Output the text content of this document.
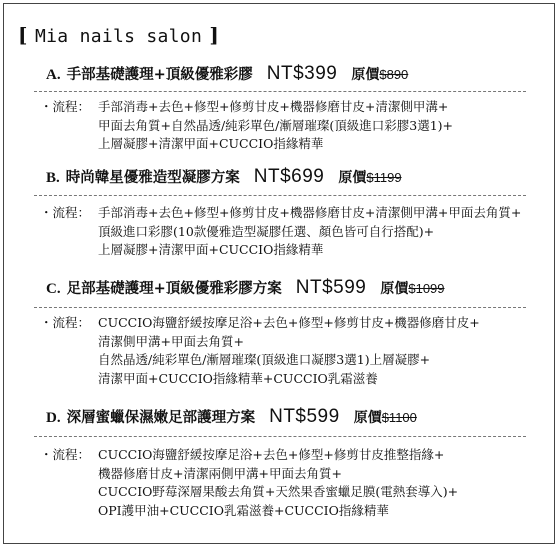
[ Mia nails salon ]
A. 手部基礎護理+頂級優雅彩膠 NT$399 原價 $890
・流程： 手部消毒+去色+修型+修剪甘皮+機器修磨甘皮+清潔側甲溝+
甲面去角質+自然晶透/純彩單色/漸層璀璨(頂級進口彩膠3選1)+
上層凝膠+清潔甲面+CUCCIO指緣精華
B. 時尚韓星優雅造型凝膠方案 NT$699 原價 $1199
・流程： 手部消毒+去色+修型+修剪甘皮+機器修磨甘皮+清潔側甲溝+甲面去角質+
頂級進口彩膠(10款優雅造型凝膠任選、顏色皆可自行搭配)+
上層凝膠+清潔甲面+CUCCIO指緣精華
C. 足部基礎護理+頂級優雅彩膠方案 NT$599 原價 $1099
・流程： CUCCIO海鹽舒緩按摩足浴+去色+修型+修剪甘皮+機器修磨甘皮+
清潔側甲溝+甲面去角質+
自然晶透/純彩單色/漸層璀璨(頂級進口凝膠3選1)上層凝膠+
清潔甲面+CUCCIO指緣精華+CUCCIO乳霜滋養
D. 深層蜜蠟保濕嫩足部護理方案 NT$599 原價 $1100
・流程： CUCCIO海鹽舒緩按摩足浴+去色+修型+修剪甘皮推整指緣+
機器修磨甘皮+清潔兩側甲溝+甲面去角質+
CUCCIO野莓深層果酸去角質+天然果香蜜蠟足膜(電熱套導入)+
OPI護甲油+CUCCIO乳霜滋養+CUCCIO指緣精華
